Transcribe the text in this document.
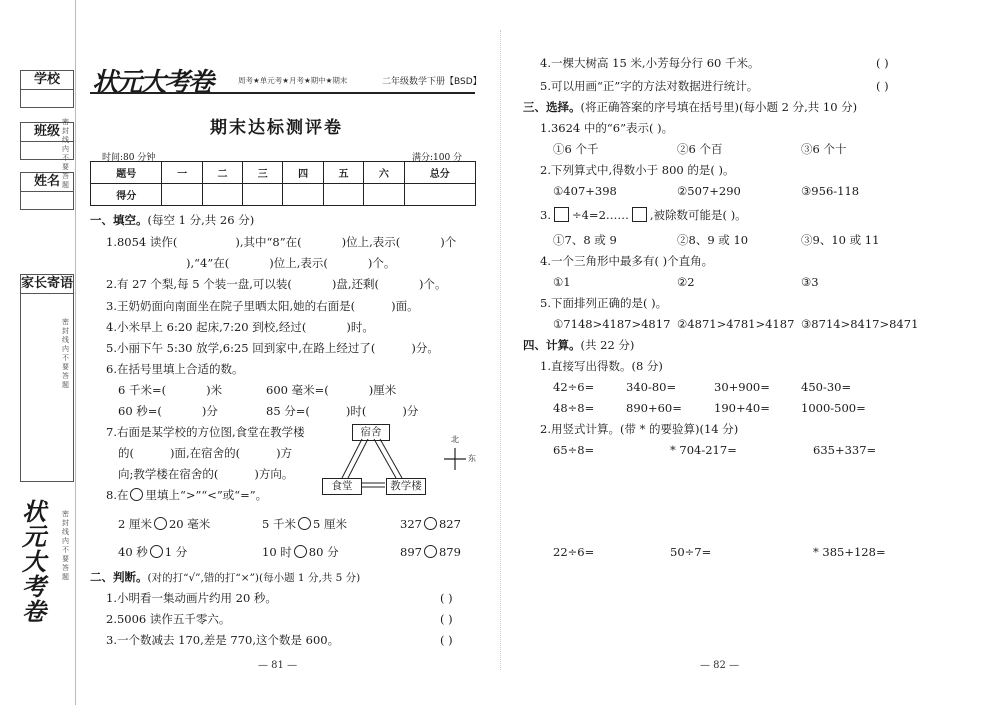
学校
班级
姓名
家长寄语
密封线内不要答题
密封线内不要答题
密封线内不要答题
状元大考卷
状元大考卷	周考★单元考★月考★期中★期末	二年级数学下册【BSD】
期末达标测评卷
时间:80 分钟	满分:100 分
题号	一	二	三	四	五	六	总分
得分							
一、填空。(每空 1 分,共 26 分)
1.8054 读作(	),其中“8”在(	)位上,表示(	)个
),“4”在(	)位上,表示(	)个。
2.有 27 个梨,每 5 个装一盘,可以装(	)盘,还剩(	)个。
3.王奶奶面向南面坐在院子里晒太阳,她的右面是(	)面。
4.小米早上 6:20 起床,7:20 到校,经过(	)时。
5.小丽下午 5:30 放学,6:25 回到家中,在路上经过了(	)分。
6.在括号里填上合适的数。
6 千米=(	)米	600 毫米=(	)厘米
60 秒=(	)分	85 分=(	)时(	)分
7.右面是某学校的方位图,食堂在教学楼
的(	)面,在宿舍的(	)方
向;教学楼在宿舍的(	)方向。
宿舍
食堂	教学楼
北
东
8.在 里填上“>”“<”或“=”。
2 厘米 20 毫米	5 千米 5 厘米	327 827
40 秒 1 分	10 时 80 分	897 879
二、判断。(对的打“√”,错的打“×”)(每小题 1 分,共 5 分)
1.小明看一集动画片约用 20 秒。	( )
2.5006 读作五千零六。	( )
3.一个数减去 170,差是 770,这个数是 600。	( )
— 81 —
4.一棵大树高 15 米,小芳每分行 60 千米。	( )
5.可以用画“正”字的方法对数据进行统计。	( )
三、选择。(将正确答案的序号填在括号里)(每小题 2 分,共 10 分)
1.3624 中的“6”表示( )。
①6 个千	②6 个百	③6 个十
2.下列算式中,得数小于 800 的是( )。
①407+398	②507+290	③956-118
3. ÷4=2…… ,被除数可能是( )。
①7、8 或 9	②8、9 或 10	③9、10 或 11
4.一个三角形中最多有( )个直角。
①1	②2	③3
5.下面排列正确的是( )。
①7148>4187>4817 ②4871>4781>4187 ③8714>8417>8471
四、计算。(共 22 分)
1.直接写出得数。(8 分)
42÷6=	340-80=	30+900=	450-30=
48÷8=	890+60=	190+40=	1000-500=
2.用竖式计算。(带 * 的要验算)(14 分)
65÷8=	* 704-217=	635+337=
22÷6=	50÷7=	* 385+128=
— 82 —
